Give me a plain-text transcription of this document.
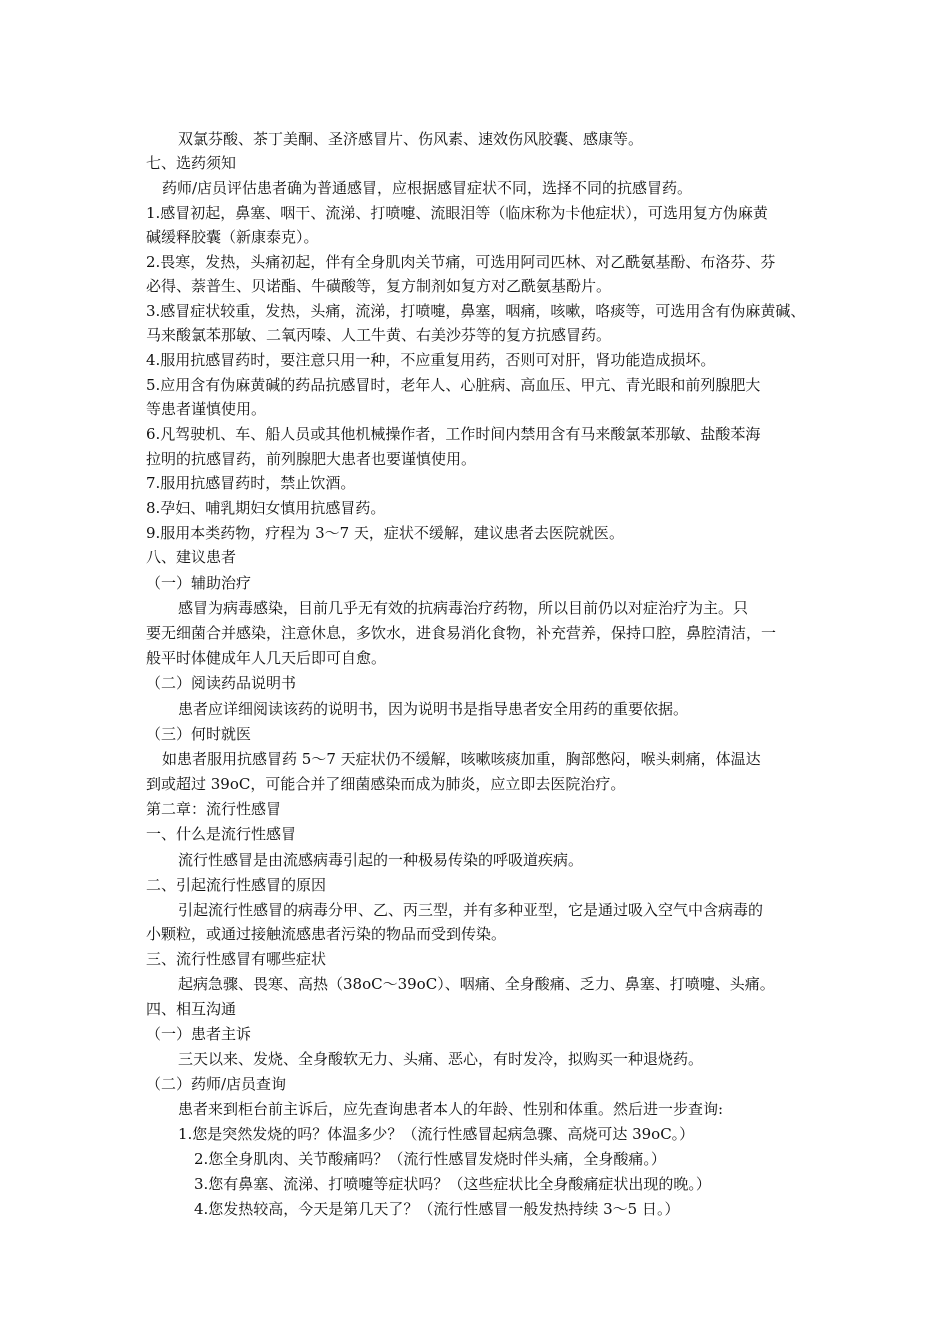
双氯芬酸、茶丁美酮、圣济感冒片、伤风素、速效伤风胶囊、感康等。
七、选药须知
药师/店员评估患者确为普通感冒，应根据感冒症状不同，选择不同的抗感冒药。
1.感冒初起，鼻塞、咽干、流涕、打喷嚏、流眼泪等（临床称为卡他症状），可选用复方伪麻黄
碱缓释胶囊（新康泰克）。
2.畏寒，发热，头痛初起，伴有全身肌肉关节痛，可选用阿司匹林、对乙酰氨基酚、布洛芬、芬
必得、萘普生、贝诺酯、牛磺酸等，复方制剂如复方对乙酰氨基酚片。
3.感冒症状较重，发热，头痛，流涕，打喷嚏，鼻塞，咽痛，咳嗽，咯痰等，可选用含有伪麻黄碱、
马来酸氯苯那敏、二氧丙嗪、人工牛黄、右美沙芬等的复方抗感冒药。
4.服用抗感冒药时，要注意只用一种，不应重复用药，否则可对肝，肾功能造成损坏。
5.应用含有伪麻黄碱的药品抗感冒时，老年人、心脏病、高血压、甲亢、青光眼和前列腺肥大
等患者谨慎使用。
6.凡驾驶机、车、船人员或其他机械操作者，工作时间内禁用含有马来酸氯苯那敏、盐酸苯海
拉明的抗感冒药，前列腺肥大患者也要谨慎使用。
7.服用抗感冒药时，禁止饮酒。
8.孕妇、哺乳期妇女慎用抗感冒药。
9.服用本类药物，疗程为 3～7 天，症状不缓解，建议患者去医院就医。
八、建议患者
（一）辅助治疗
感冒为病毒感染，目前几乎无有效的抗病毒治疗药物，所以目前仍以对症治疗为主。只
要无细菌合并感染，注意休息，多饮水，进食易消化食物，补充营养，保持口腔，鼻腔清洁，一
般平时体健成年人几天后即可自愈。
（二）阅读药品说明书
患者应详细阅读该药的说明书，因为说明书是指导患者安全用药的重要依据。
（三）何时就医
如患者服用抗感冒药 5～7 天症状仍不缓解，咳嗽咳痰加重，胸部憋闷，喉头刺痛，体温达
到或超过 39oC，可能合并了细菌感染而成为肺炎，应立即去医院治疗。
第二章：流行性感冒
一、什么是流行性感冒
流行性感冒是由流感病毒引起的一种极易传染的呼吸道疾病。
二、引起流行性感冒的原因
引起流行性感冒的病毒分甲、乙、丙三型，并有多种亚型，它是通过吸入空气中含病毒的
小颗粒，或通过接触流感患者污染的物品而受到传染。
三、流行性感冒有哪些症状
起病急骤、畏寒、高热（38oC～39oC）、咽痛、全身酸痛、乏力、鼻塞、打喷嚏、头痛。
四、相互沟通
（一）患者主诉
三天以来、发烧、全身酸软无力、头痛、恶心，有时发冷，拟购买一种退烧药。
（二）药师/店员查询
患者来到柜台前主诉后，应先查询患者本人的年龄、性别和体重。然后进一步查询:
1.您是突然发烧的吗？体温多少？（流行性感冒起病急骤、高烧可达 39oC。）
2.您全身肌肉、关节酸痛吗？（流行性感冒发烧时伴头痛，全身酸痛。）
3.您有鼻塞、流涕、打喷嚏等症状吗？（这些症状比全身酸痛症状出现的晚。）
4.您发热较高，今天是第几天了？（流行性感冒一般发热持续 3～5 日。）
